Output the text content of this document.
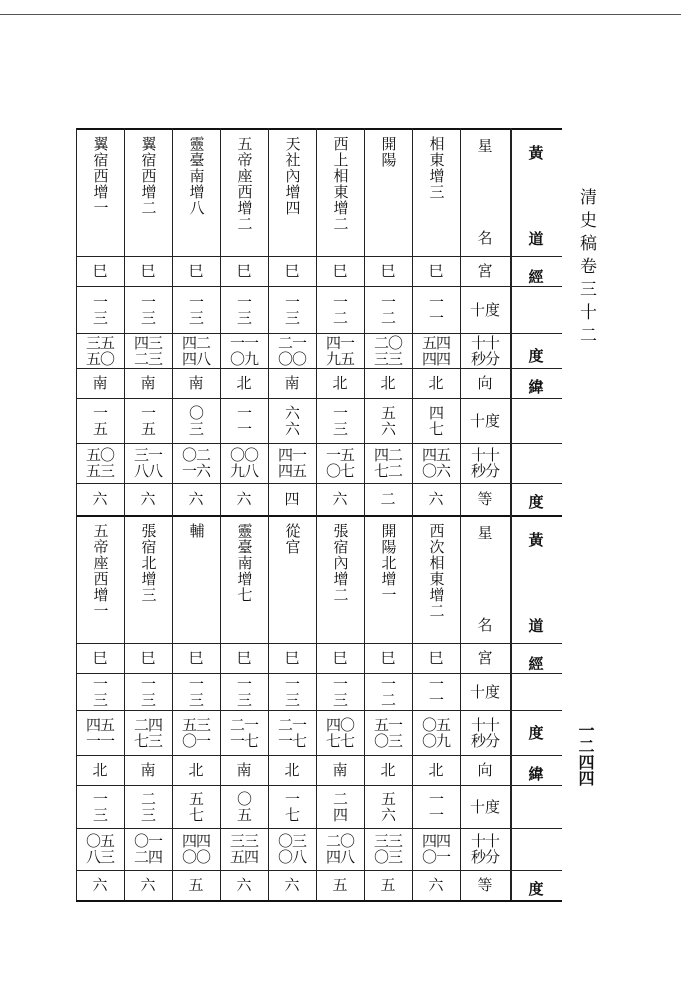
清史稿卷三十二
一二四四
相東增三
巳
一
一
五四
四四
北
四
七
四五
〇六
六
開陽
巳
一
二
二〇
三三
北
五
六
四二
七二
二
西上相東增二
巳
一
二
四一
九五
北
一
三
一五
〇七
六
天社內增四
巳
一
三
二一
〇〇
南
六
六
四一
四五
四
五帝座西增二
巳
一
三
一一
〇九
北
一
一
〇〇
九八
六
靈臺南增八
巳
一
三
四二
四八
南
〇
三
〇二
一六
六
翼宿西增二
巳
一
三
四三
二三
南
一
五
三一
八八
六
翼宿西增一
巳
一
三
三五
五〇
南
一
五
五〇
五三
六
星
名
宮
十度
十十
秒分
向
十度
十十
秒分
等
黃
道
經
度
緯
度
西次相東增二
巳
一
一
〇五
〇九
北
一
一
四四
〇一
六
開陽北增一
巳
一
二
五一
〇三
北
五
六
三三
〇三
五
張宿內增二
巳
一
三
四〇
七七
南
二
四
二〇
四八
五
從官
巳
一
三
二一
一七
北
一
七
〇三
〇八
六
靈臺南增七
巳
一
三
二一
一七
南
〇
五
三三
五四
六
輔
巳
一
三
五三
〇一
北
五
七
四四
〇〇
五
張宿北增三
巳
一
三
二四
七三
南
二
三
〇一
二四
六
五帝座西增一
巳
一
三
四五
一一
北
一
三
〇五
八三
六
星
名
宮
十度
十十
秒分
向
十度
十十
秒分
等
黃
道
經
度
緯
度
